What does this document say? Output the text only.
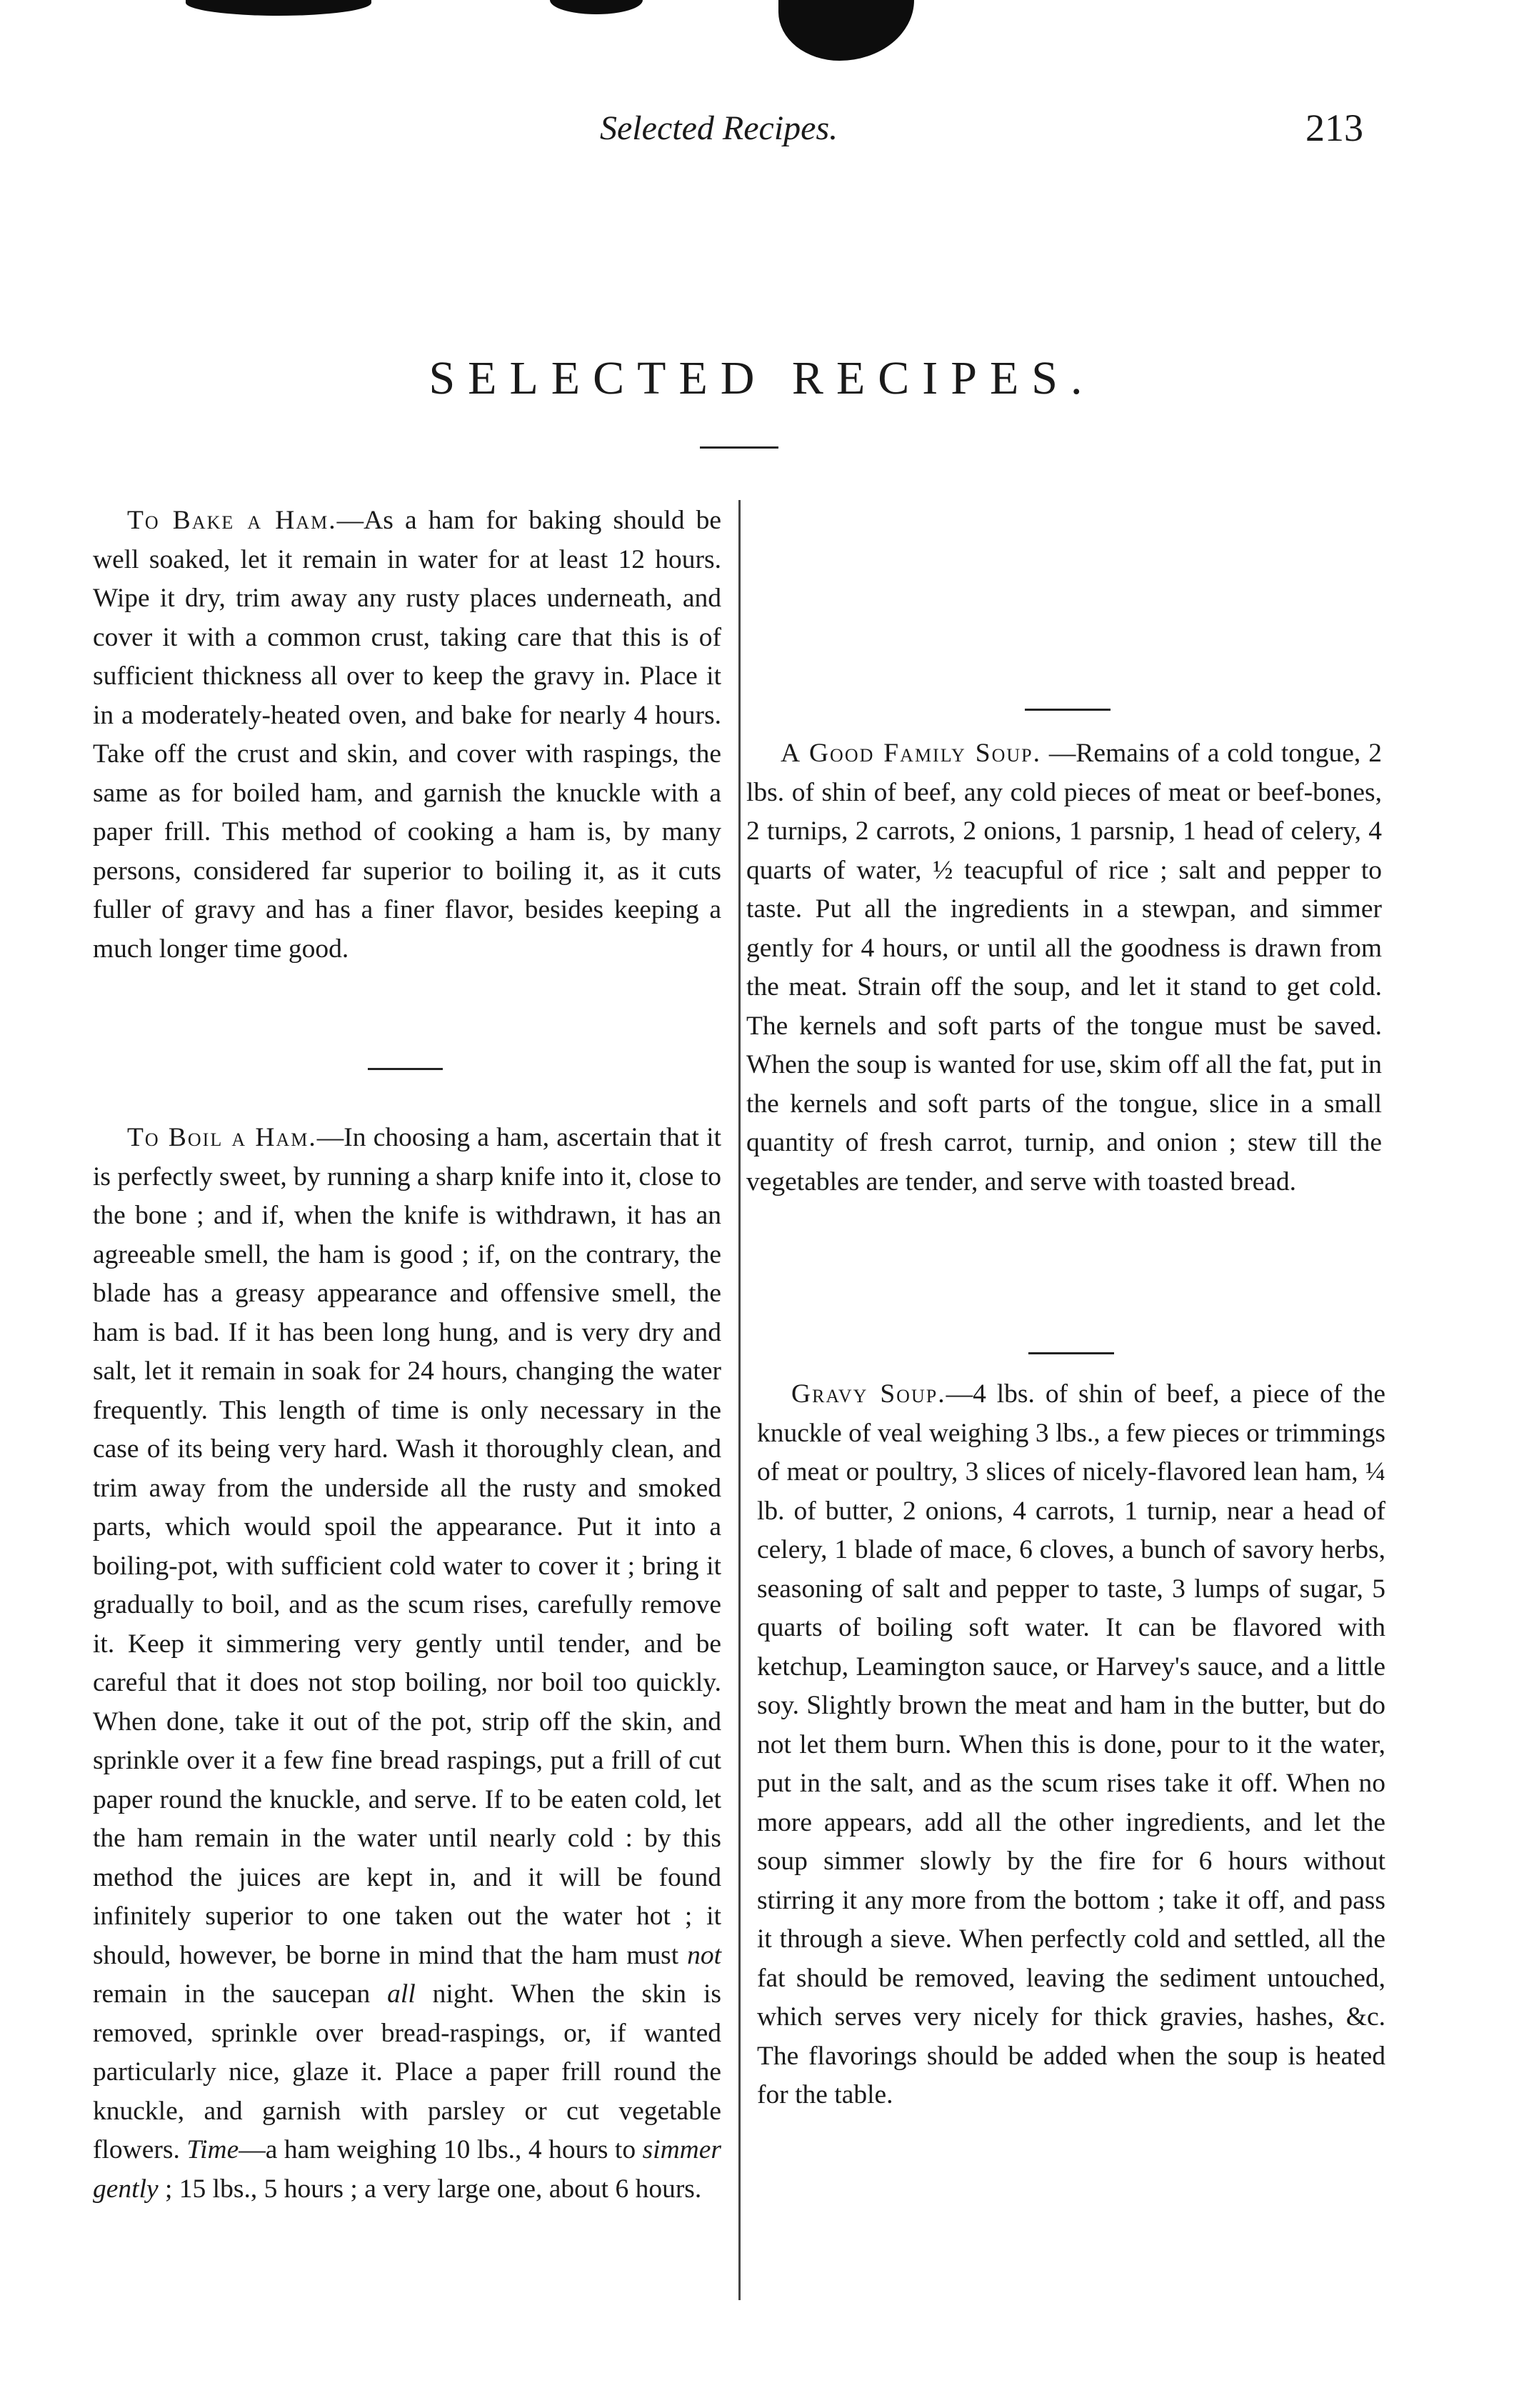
Selected Recipes.	213
SELECTED RECIPES.

To Bake a Ham.—As a ham for baking should be well soaked, let it remain in water for at least 12 hours. Wipe it dry, trim away any rusty places underneath, and cover it with a common crust, taking care that this is of sufficient thickness all over to keep the gravy in. Place it in a moderately-heated oven, and bake for nearly 4 hours. Take off the crust and skin, and cover with raspings, the same as for boiled ham, and garnish the knuckle with a paper frill. This method of cooking a ham is, by many persons, considered far superior to boiling it, as it cuts fuller of gravy and has a finer flavor, besides keeping a much longer time good.

To Boil a Ham.—In choosing a ham, ascertain that it is perfectly sweet, by running a sharp knife into it, close to the bone ; and if, when the knife is withdrawn, it has an agreeable smell, the ham is good ; if, on the contrary, the blade has a greasy appearance and offensive smell, the ham is bad. If it has been long hung, and is very dry and salt, let it remain in soak for 24 hours, changing the water frequently. This length of time is only necessary in the case of its being very hard. Wash it thoroughly clean, and trim away from the underside all the rusty and smoked parts, which would spoil the appearance. Put it into a boiling-pot, with sufficient cold water to cover it ; bring it gradually to boil, and as the scum rises, carefully remove it. Keep it simmering very gently until tender, and be careful that it does not stop boiling, nor boil too quickly. When done, take it out of the pot, strip off the skin, and sprinkle over it a few fine bread raspings, put a frill of cut paper round the knuckle, and serve. If to be eaten cold, let the ham remain in the water until nearly cold : by this method the juices are kept in, and it will be found infinitely superior to one taken out the water hot ; it should, however, be borne in mind that the ham must not remain in the saucepan all night. When the skin is removed, sprinkle over bread-raspings, or, if wanted particularly nice, glaze it. Place a paper frill round the knuckle, and garnish with parsley or cut vegetable flowers. Time—a ham weighing 10 lbs., 4 hours to simmer gently ; 15 lbs., 5 hours ; a very large one, about 6 hours.

A Good Family Soup. —Remains of a cold tongue, 2 lbs. of shin of beef, any cold pieces of meat or beef-bones, 2 turnips, 2 carrots, 2 onions, 1 parsnip, 1 head of celery, 4 quarts of water, ½ teacupful of rice ; salt and pepper to taste. Put all the ingredients in a stewpan, and simmer gently for 4 hours, or until all the goodness is drawn from the meat. Strain off the soup, and let it stand to get cold. The kernels and soft parts of the tongue must be saved. When the soup is wanted for use, skim off all the fat, put in the kernels and soft parts of the tongue, slice in a small quantity of fresh carrot, turnip, and onion ; stew till the vegetables are tender, and serve with toasted bread.

Gravy Soup.—4 lbs. of shin of beef, a piece of the knuckle of veal weighing 3 lbs., a few pieces or trimmings of meat or poultry, 3 slices of nicely-flavored lean ham, ¼ lb. of butter, 2 onions, 4 carrots, 1 turnip, near a head of celery, 1 blade of mace, 6 cloves, a bunch of savory herbs, seasoning of salt and pepper to taste, 3 lumps of sugar, 5 quarts of boiling soft water. It can be flavored with ketchup, Leamington sauce, or Harvey's sauce, and a little soy. Slightly brown the meat and ham in the butter, but do not let them burn. When this is done, pour to it the water, put in the salt, and as the scum rises take it off. When no more appears, add all the other ingredients, and let the soup simmer slowly by the fire for 6 hours without stirring it any more from the bottom ; take it off, and pass it through a sieve. When perfectly cold and settled, all the fat should be removed, leaving the sediment untouched, which serves very nicely for thick gravies, hashes, &c. The flavorings should be added when the soup is heated for the table.
